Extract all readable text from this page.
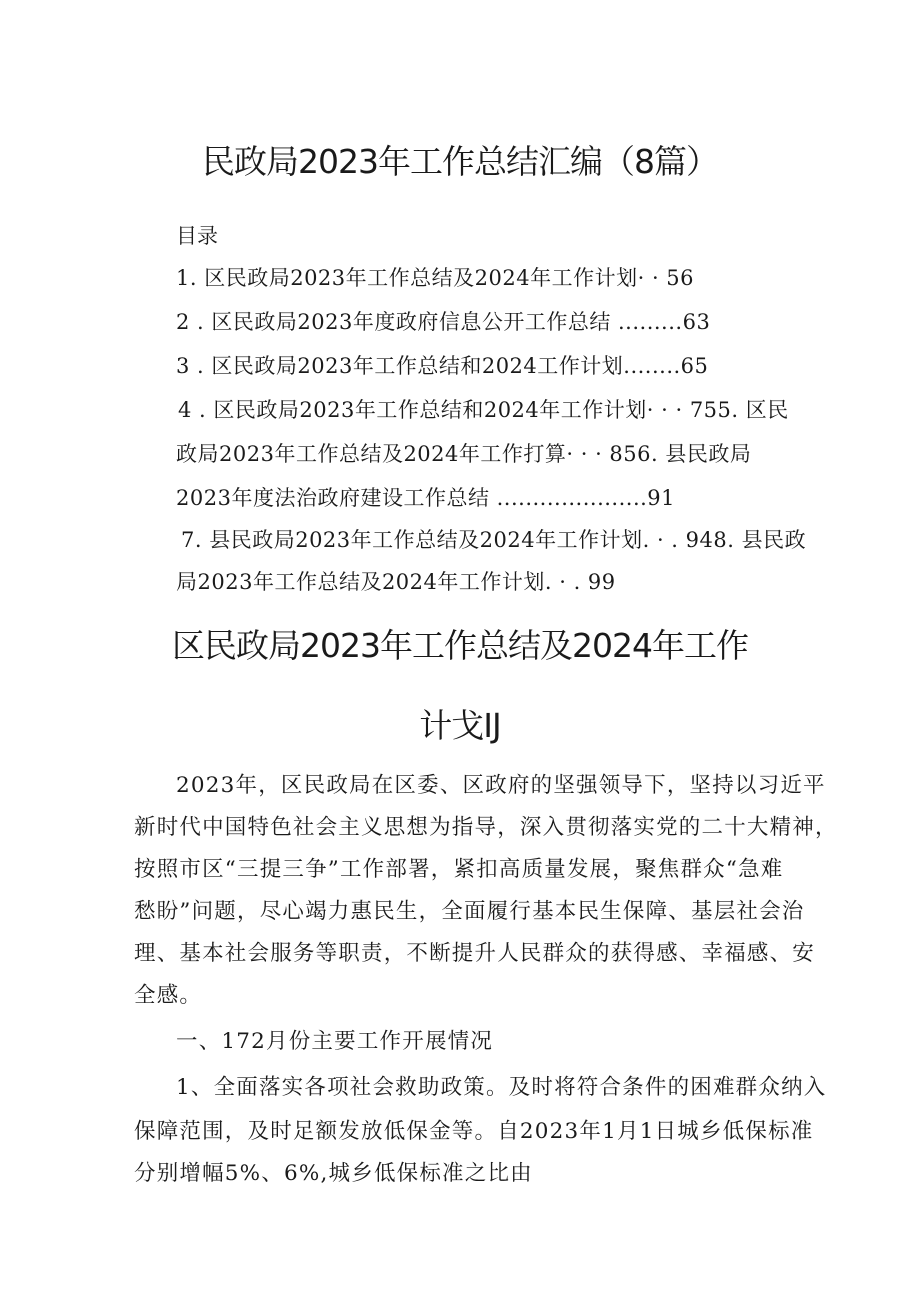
民政局2023年工作总结汇编（8篇）
目录
1. 区民政局2023年工作总结及2024年工作计划· · 56
2 . 区民政局2023年度政府信息公开工作总结 .........63
3 . 区民政局2023年工作总结和2024工作计划........65
4 . 区民政局2023年工作总结和2024年工作计划· · · 755. 区民
政局2023年工作总结及2024年工作打算· · · 856. 县民政局
2023年度法治政府建设工作总结 .....................91
7. 县民政局2023年工作总结及2024年工作计划. · . 948. 县民政
局2023年工作总结及2024年工作计划. · . 99
区民政局2023年工作总结及2024年工作
计戈IJ
2023年，区民政局在区委、区政府的坚强领导下，坚持以习近平
新时代中国特色社会主义思想为指导，深入贯彻落实党的二十大精神，
按照市区“三提三争”工作部署，紧扣高质量发展，聚焦群众“急难
愁盼”问题，尽心竭力惠民生，全面履行基本民生保障、基层社会治
理、基本社会服务等职责，不断提升人民群众的获得感、幸福感、安
全感。
一、172月份主要工作开展情况
1、全面落实各项社会救助政策。及时将符合条件的困难群众纳入
保障范围，及时足额发放低保金等。自2023年1月1日城乡低保标准
分别增幅5%、6%,城乡低保标准之比由
